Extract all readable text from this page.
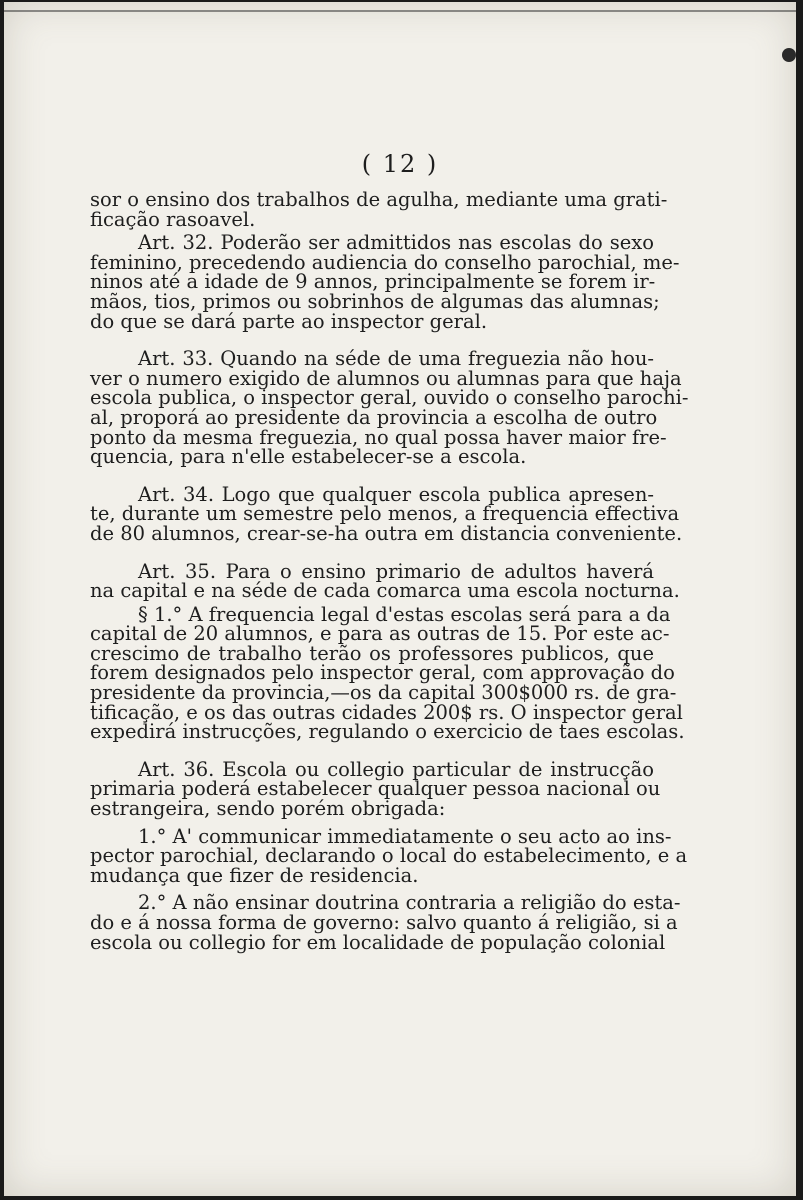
( 12 )

sor o ensino dos trabalhos de agulha, mediante uma grati-
ficação rasoavel.

Art. 32. Poderão ser admittidos nas escolas do sexo
feminino, precedendo audiencia do conselho parochial, me-
ninos até a idade de 9 annos, principalmente se forem ir-
mãos, tios, primos ou sobrinhos de algumas das alumnas;
do que se dará parte ao inspector geral.

Art. 33. Quando na séde de uma freguezia não hou-
ver o numero exigido de alumnos ou alumnas para que haja
escola publica, o inspector geral, ouvido o conselho parochi-
al, proporá ao presidente da provincia a escolha de outro
ponto da mesma freguezia, no qual possa haver maior fre-
quencia, para n'elle estabelecer-se a escola.

Art. 34. Logo que qualquer escola publica apresen-
te, durante um semestre pelo menos, a frequencia effectiva
de 80 alumnos, crear-se-ha outra em distancia conveniente.

Art. 35. Para o ensino primario de adultos haverá
na capital e na séde de cada comarca uma escola nocturna.

§ 1.° A frequencia legal d'estas escolas será para a da
capital de 20 alumnos, e para as outras de 15. Por este ac-
crescimo de trabalho terão os professores publicos, que
forem designados pelo inspector geral, com approvação do
presidente da provincia,—os da capital 300$000 rs. de gra-
tificação, e os das outras cidades 200$ rs. O inspector geral
expedirá instrucções, regulando o exercicio de taes escolas.

Art. 36. Escola ou collegio particular de instrucção
primaria poderá estabelecer qualquer pessoa nacional ou
estrangeira, sendo porém obrigada:

1.° A' communicar immediatamente o seu acto ao ins-
pector parochial, declarando o local do estabelecimento, e a
mudança que fizer de residencia.

2.° A não ensinar doutrina contraria a religião do esta-
do e á nossa forma de governo: salvo quanto á religião, si a
escola ou collegio for em localidade de população colonial
